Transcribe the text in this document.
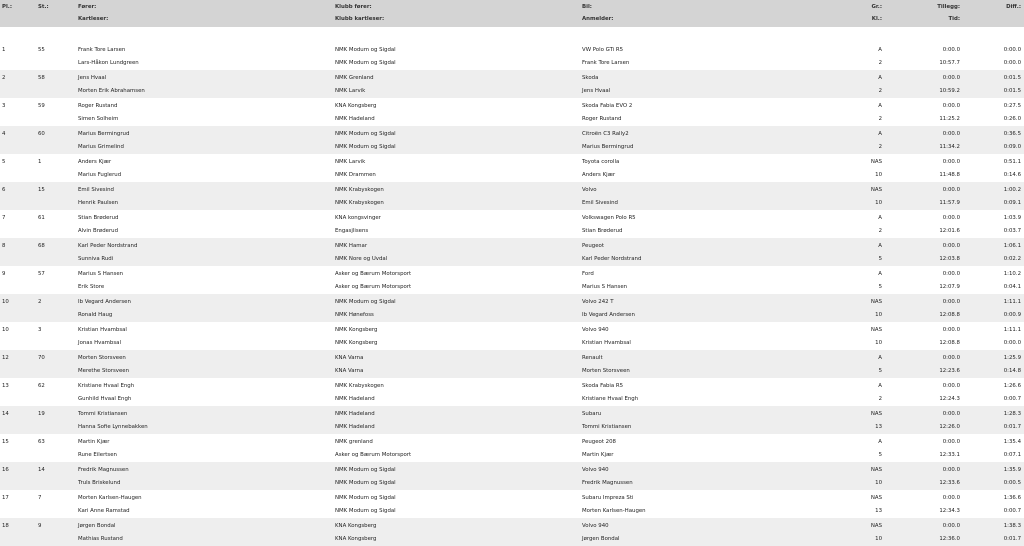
Pl.:	St.:	Fører:	Klubb fører:	Bil:	Gr.:	Tillegg:	Diff.:
Kartleser:	Klubb kartleser:	Anmelder:	Kl.:	Tid:
1	55	Frank Tore Larsen	NMK Modum og Sigdal	VW Polo GTi R5	A	0:00.0	0:00.0
Lars-Håkon Lundgreen	NMK Modum og Sigdal	Frank Tore Larsen	2	10:57.7	0:00.0
2	58	Jens Hvaal	NMK Grenland	Skoda	A	0:00.0	0:01.5
Morten Erik Abrahamsen	NMK Larvik	Jens Hvaal	2	10:59.2	0:01.5
3	59	Roger Rustand	KNA Kongsberg	Skoda Fabia EVO 2	A	0:00.0	0:27.5
Simen Solheim	NMK Hadeland	Roger Rustand	2	11:25.2	0:26.0
4	60	Marius Bermingrud	NMK Modum og Sigdal	Citroën C3 Rally2	A	0:00.0	0:36.5
Marius Grimelind	NMK Modum og Sigdal	Marius Bermingrud	2	11:34.2	0:09.0
5	1	Anders Kjær	NMK Larvik	Toyota corolla	NAS	0:00.0	0:51.1
Marius Fuglerud	NMK Drammen	Anders Kjær	10	11:48.8	0:14.6
6	15	Emil Sivesind	NMK Krabyskogen	Volvo	NAS	0:00.0	1:00.2
Henrik Paulsen	NMK Krabyskogen	Emil Sivesind	10	11:57.9	0:09.1
7	61	Stian Brøderud	KNA kongsvinger	Volkswagen Polo R5	A	0:00.0	1:03.9
Alvin Brøderud	Engasjlisens	Stian Brøderud	2	12:01.6	0:03.7
8	68	Karl Peder Nordstrand	NMK Hamar	Peugeot	A	0:00.0	1:06.1
Sunniva Rudi	NMK Nore og Uvdal	Karl Peder Nordstrand	5	12:03.8	0:02.2
9	57	Marius S Hansen	Asker og Bærum Motorsport	Ford	A	0:00.0	1:10.2
Erik Store	Asker og Bærum Motorsport	Marius S Hansen	5	12:07.9	0:04.1
10	2	Ib Vegard Andersen	NMK Modum og Sigdal	Volvo 242 T	NAS	0:00.0	1:11.1
Ronald Haug	NMK Hønefoss	Ib Vegard Andersen	10	12:08.8	0:00.9
10	3	Kristian Hvambsal	NMK Kongsberg	Volvo 940	NAS	0:00.0	1:11.1
Jonas Hvambsal	NMK Kongsberg	Kristian Hvambsal	10	12:08.8	0:00.0
12	70	Morten Storsveen	KNA Varna	Renault	A	0:00.0	1:25.9
Merethe Storsveen	KNA Varna	Morten Storsveen	5	12:23.6	0:14.8
13	62	Kristiane Hvaal Engh	NMK Krabyskogen	Skoda Fabia R5	A	0:00.0	1:26.6
Gunhild Hvaal Engh	NMK Hadeland	Kristiane Hvaal Engh	2	12:24.3	0:00.7
14	19	Tommi Kristiansen	NMK Hadeland	Subaru	NAS	0:00.0	1:28.3
Hanna Sofie Lynnebakken	NMK Hadeland	Tommi Kristiansen	13	12:26.0	0:01.7
15	63	Martin Kjær	NMK grenland	Peugeot 208	A	0:00.0	1:35.4
Rune Eilertsen	Asker og Bærum Motorsport	Martin Kjær	5	12:33.1	0:07.1
16	14	Fredrik Magnussen	NMK Modum og Sigdal	Volvo 940	NAS	0:00.0	1:35.9
Truls Briskelund	NMK Modum og Sigdal	Fredrik Magnussen	10	12:33.6	0:00.5
17	7	Morten Karlsen-Haugen	NMK Modum og Sigdal	Subaru Impreza Sti	NAS	0:00.0	1:36.6
Kari Anne Ramstad	NMK Modum og Sigdal	Morten Karlsen-Haugen	13	12:34.3	0:00.7
18	9	Jørgen Bondal	KNA Kongsberg	Volvo 940	NAS	0:00.0	1:38.3
Mathias Rustand	KNA Kongsberg	Jørgen Bondal	10	12:36.0	0:01.7
